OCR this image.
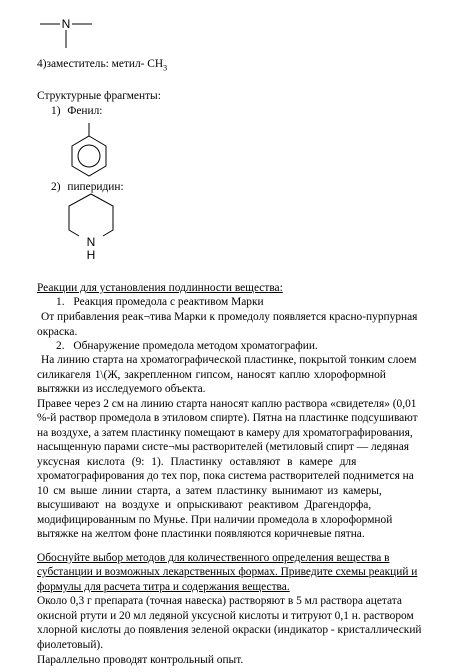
N
4)заместитель: метил- $CH_3$
Структурные фрагменты:
1) Фенил:
2) пиперидин:
N
H
Реакции для установления подлинности вещества:
1. Реакция промедола с реактивом Марки
От прибавления реак¬тива Марки к промедолу появляется красно-пурпурная
окраска.
2. Обнаружение промедола методом хроматографии.
На линию старта на хроматографической пластинке, покрытой тонким слоем
силикагеля 1\(Ж, закрепленном гипсом, наносят каплю хлороформной
вытяжки из исследуемого объекта.
Правее через 2 см на линию старта наносят каплю раствора «свидетеля» (0,01
%-й раствор промедола в этиловом спирте). Пятна на пластинке подсушивают
на воздухе, а затем пластинку помещают в камеру для хроматографирования,
насыщенную парами систе¬мы растворителей (метиловый спирт — ледяная
уксусная кислота (9: 1). Пластинку оставляют в камере для
хроматографирования до тех пор, пока система растворителей поднимется на
10 см выше линии старта, а затем пластинку вынимают из камеры,
высушивают на воздухе и опрыскивают реактивом Драгендорфа,
модифицированным по Мунье. При наличии промедола в хлороформной
вытяжке на желтом фоне пластинки появляются коричневые пятна.
Обоснуйте выбор методов для количественного определения вещества в
субстанции и возможных лекарственных формах. Приведите схемы реакций и
формулы для расчета титра и содержания вещества.
Около 0,3 г препарата (точная навеска) растворяют в 5 мл раствора ацетата
окисной ртути и 20 мл ледяной уксусной кислоты и титруют 0,1 н. раствором
хлорной кислоты до появления зеленой окраски (индикатор - кристаллический
фиолетовый).
Параллельно проводят контрольный опыт.
